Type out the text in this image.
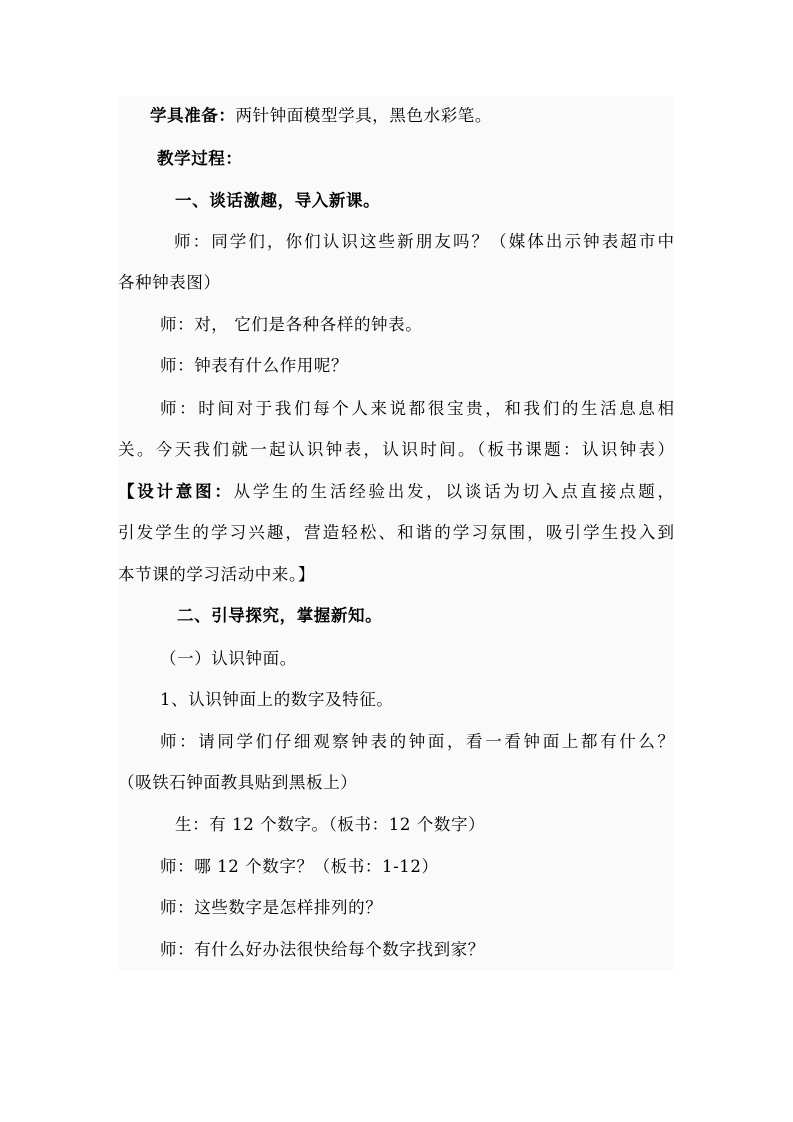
学具准备：两针钟面模型学具，黑色水彩笔。
教学过程：
一、谈话激趣，导入新课。
师：同学们，你们认识这些新朋友吗？（媒体出示钟表超市中
各种钟表图）
师：对， 它们是各种各样的钟表。
师：钟表有什么作用呢？
师：时间对于我们每个人来说都很宝贵，和我们的生活息息相
关。今天我们就一起认识钟表，认识时间。（板书课题：认识钟表）
【设计意图：从学生的生活经验出发，以谈话为切入点直接点题，
引发学生的学习兴趣，营造轻松、和谐的学习氛围，吸引学生投入到
本节课的学习活动中来。】
二、引导探究，掌握新知。
（一）认识钟面。
1、认识钟面上的数字及特征。
师：请同学们仔细观察钟表的钟面，看一看钟面上都有什么？
（吸铁石钟面教具贴到黑板上）
生：有 12 个数字。（板书：12 个数字）
师：哪 12 个数字？（板书：1-12）
师：这些数字是怎样排列的？
师：有什么好办法很快给每个数字找到家？
